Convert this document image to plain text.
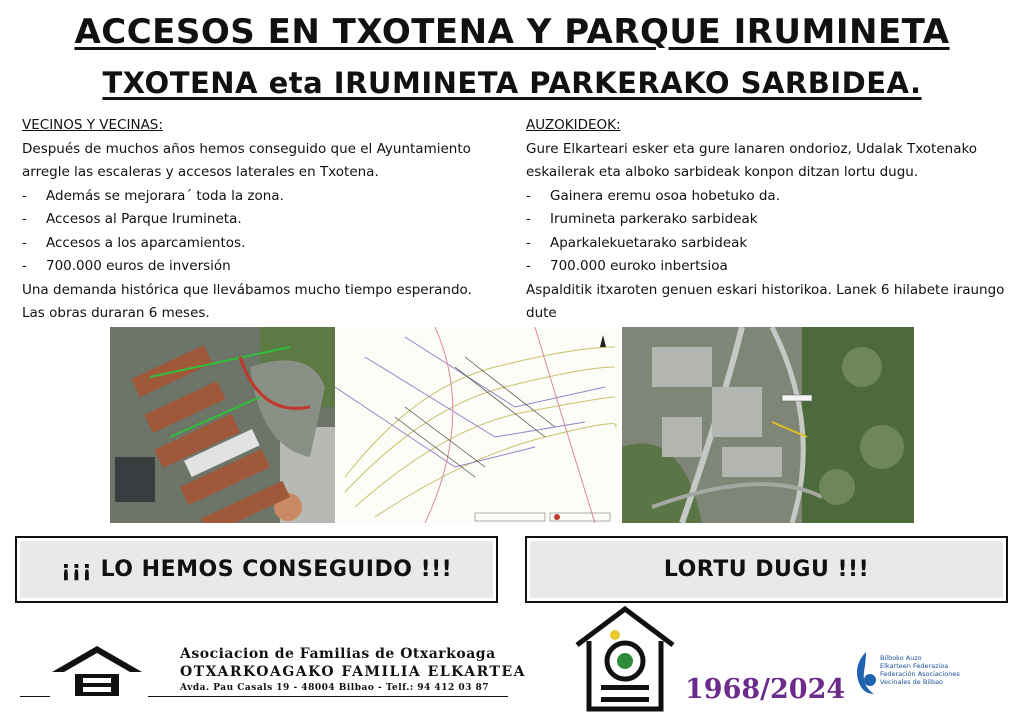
ACCESOS EN TXOTENA Y PARQUE IRUMINETA
TXOTENA eta IRUMINETA PARKERAKO SARBIDEA.
VECINOS Y VECINAS:

Después de muchos años hemos conseguido que el Ayuntamiento arregle las escaleras y accesos laterales en Txotena.

- Además se mejorara´ toda la zona.
- Accesos al Parque Irumineta.
- Accesos a los aparcamientos.
- 700.000 euros de inversión

Una demanda histórica que llevábamos mucho tiempo esperando.

Las obras duraran 6 meses.

AUZOKIDEOK:

Gure Elkarteari esker eta gure lanaren ondorioz, Udalak Txotenako eskailerak eta alboko sarbideak konpon ditzan lortu dugu.

- Gainera eremu osoa hobetuko da.
- Irumineta parkerako sarbideak
- Aparkalekuetarako sarbideak
- 700.000 euroko inbertsioa

Aspalditik itxaroten genuen eskari historikoa. Lanek 6 hilabete iraungo dute

¡¡¡ LO HEMOS CONSEGUIDO !!!	LORTU DUGU !!!
Asociacion de Familias de Otxarkoaga
OTXARKOAGAKO FAMILIA ELKARTEA
Avda. Pau Casals 19 - 48004 Bilbao - Telf.: 94 412 03 87	1968/2024
Bilboko Auzo
Elkarteen Federazioa
Federación Asociaciones
Vecinales de Bilbao
